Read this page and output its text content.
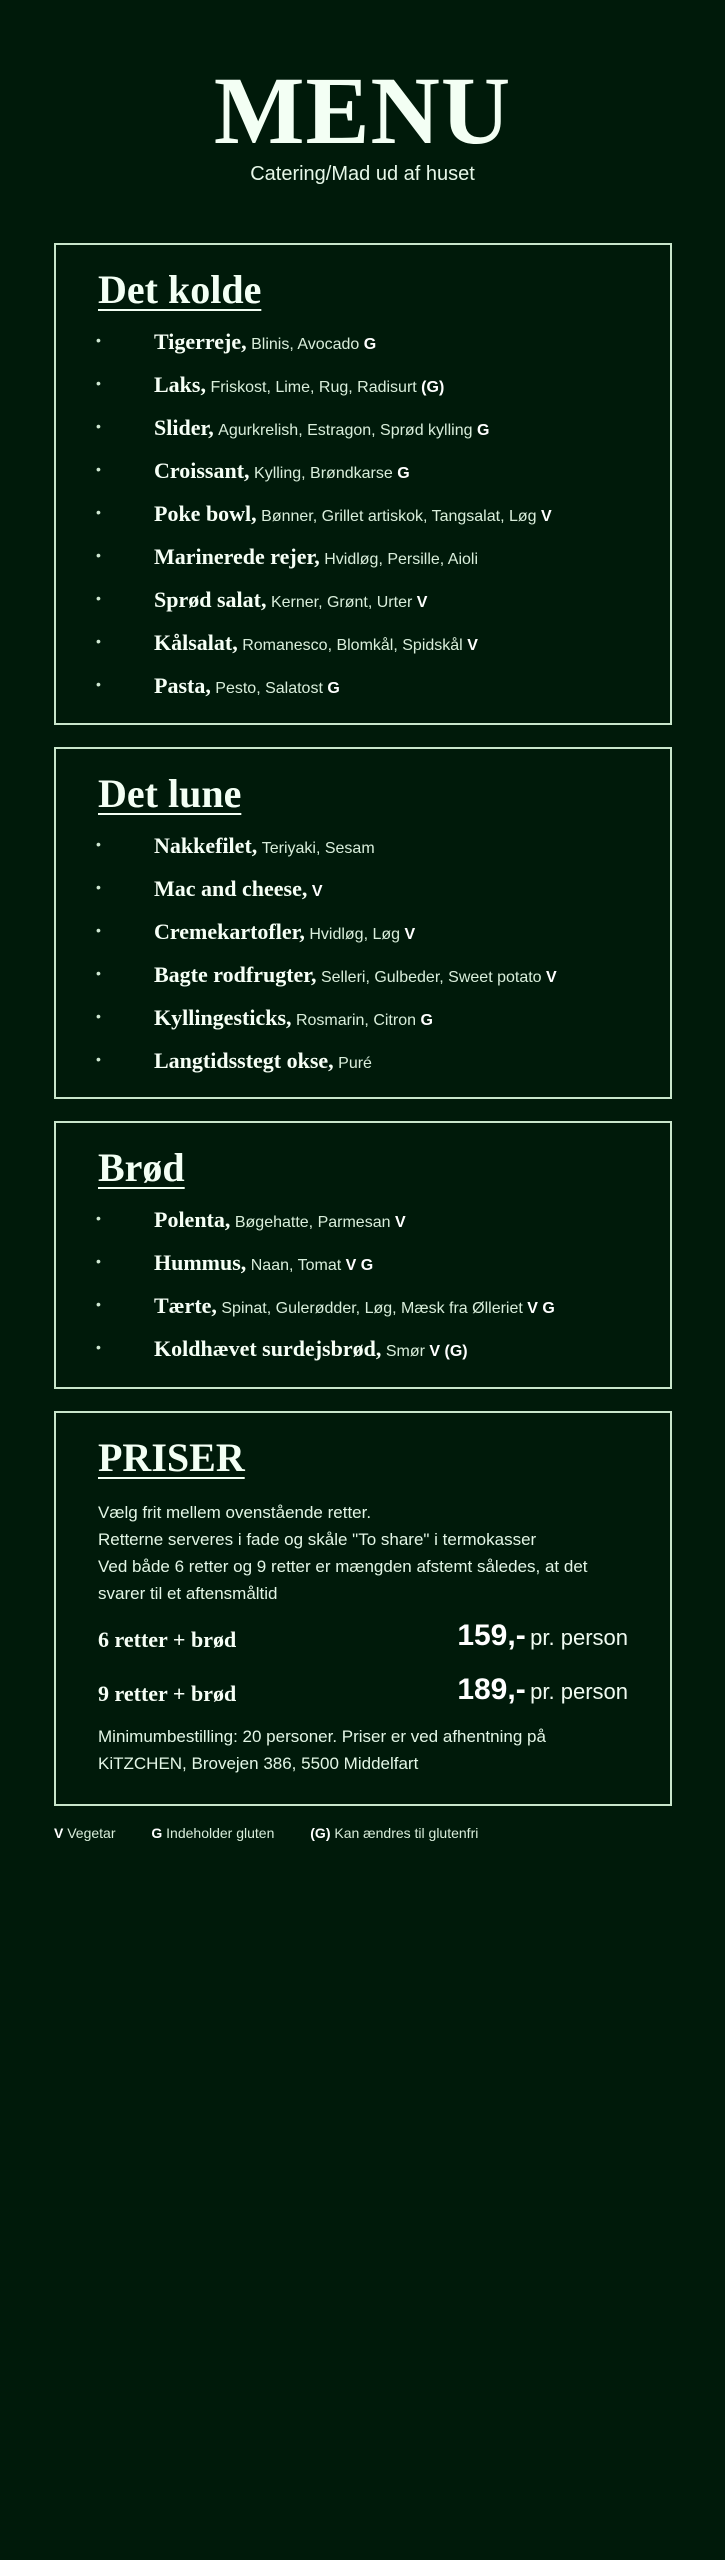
MENU

Catering/Mad ud af huset

Det kolde
• Tigerreje, Blinis, Avocado G
• Laks, Friskost, Lime, Rug, Radisurt (G)
• Slider, Agurkrelish, Estragon, Sprød kylling G
• Croissant, Kylling, Brøndkarse G
• Poke bowl, Bønner, Grillet artiskok, Tangsalat, Løg V
• Marinerede rejer, Hvidløg, Persille, Aioli
• Sprød salat, Kerner, Grønt, Urter V
• Kålsalat, Romanesco, Blomkål, Spidskål V
• Pasta, Pesto, Salatost G
Det lune
• Nakkefilet, Teriyaki, Sesam
• Mac and cheese, V
• Cremekartofler, Hvidløg, Løg V
• Bagte rodfrugter, Selleri, Gulbeder, Sweet potato V
• Kyllingesticks, Rosmarin, Citron G
• Langtidsstegt okse, Puré
Brød
• Polenta, Bøgehatte, Parmesan V
• Hummus, Naan, Tomat V G
• Tærte, Spinat, Gulerødder, Løg, Mæsk fra Ølleriet V G
• Koldhævet surdejsbrød, Smør V (G)
PRISER

Vælg frit mellem ovenstående retter.

Retterne serveres i fade og skåle "To share" i termokasser

Ved både 6 retter og 9 retter er mængden afstemt således, at det svarer til et aftensmåltid

6 retter + brød	159,- pr. person
9 retter + brød	189,- pr. person

Minimumbestilling: 20 personer. Priser er ved afhentning på KiTZCHEN, Brovejen 386, 5500 Middelfart

V Vegetar	G Indeholder gluten	(G) Kan ændres til glutenfri
